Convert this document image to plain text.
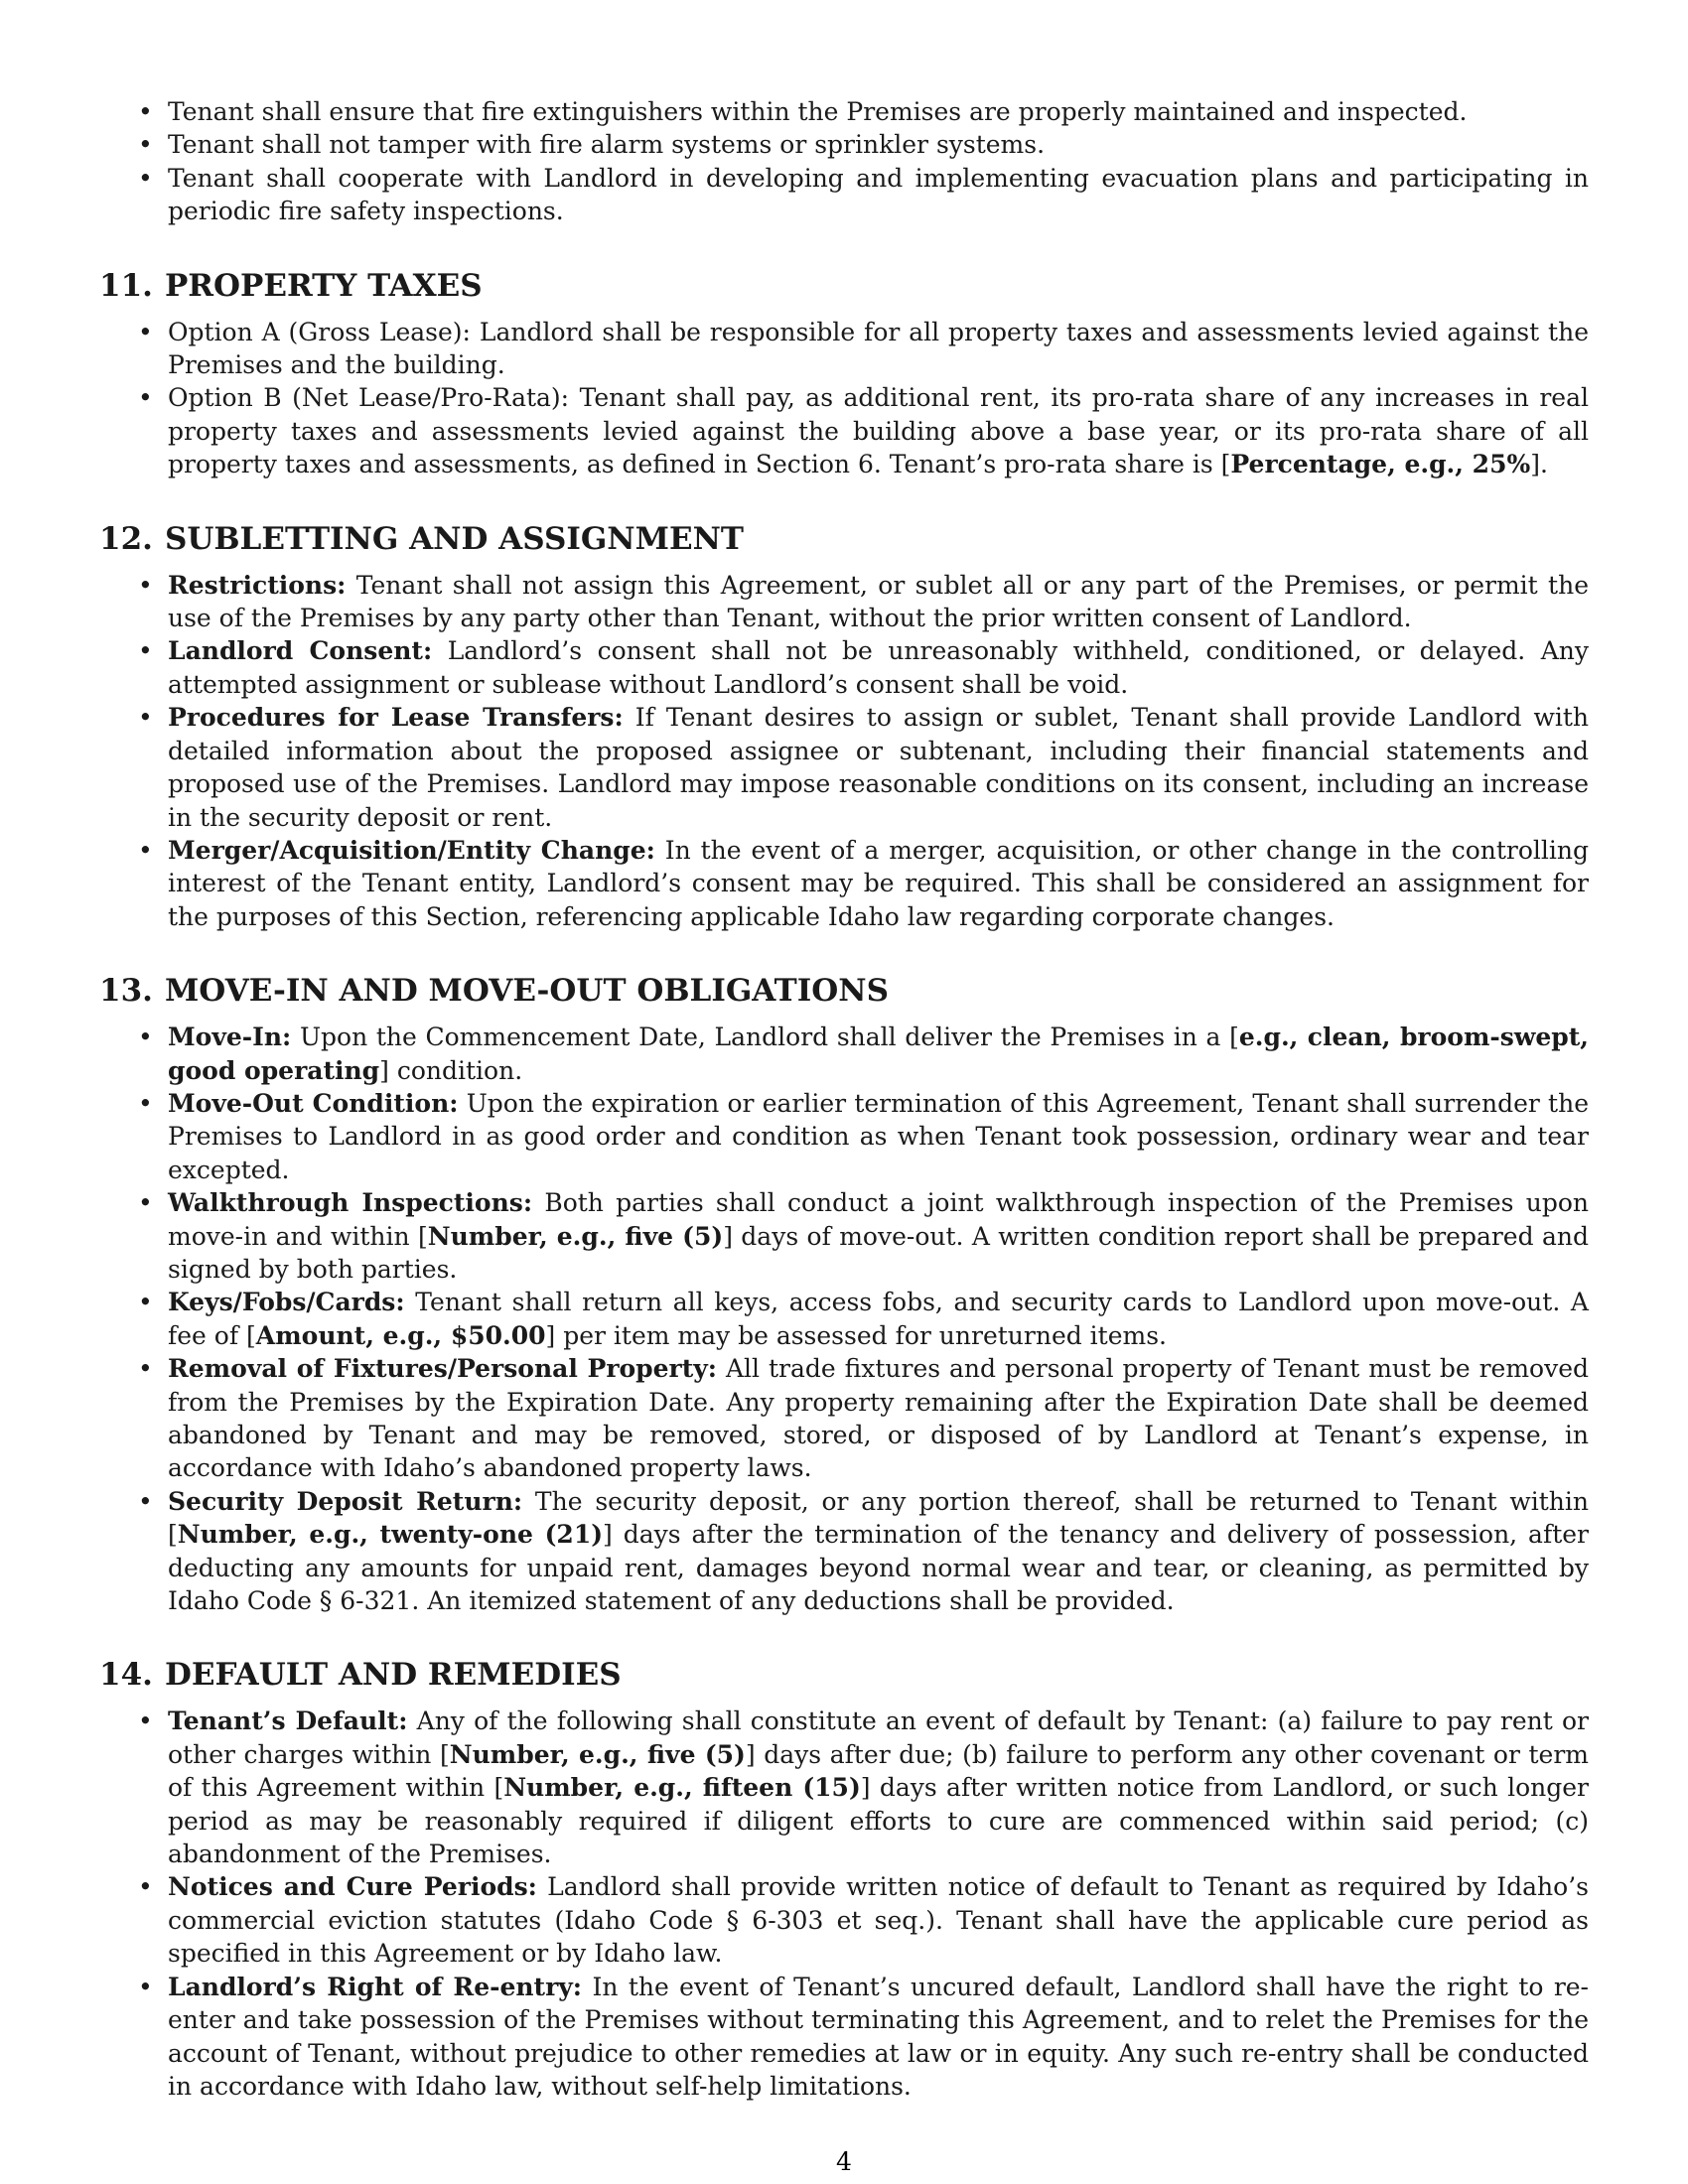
• Tenant shall ensure that fire extinguishers within the Premises are properly maintained and inspected.
• Tenant shall not tamper with fire alarm systems or sprinkler systems.
• Tenant shall cooperate with Landlord in developing and implementing evacuation plans and participating in periodic fire safety inspections.
11. PROPERTY TAXES
• Option A (Gross Lease): Landlord shall be responsible for all property taxes and assessments levied against the Premises and the building.
• Option B (Net Lease/Pro-Rata): Tenant shall pay, as additional rent, its pro-rata share of any increases in real property taxes and assessments levied against the building above a base year, or its pro-rata share of all property taxes and assessments, as defined in Section 6. Tenant’s pro-rata share is [Percentage, e.g., 25%].
12. SUBLETTING AND ASSIGNMENT
• Restrictions: Tenant shall not assign this Agreement, or sublet all or any part of the Premises, or permit the use of the Premises by any party other than Tenant, without the prior written consent of Landlord.
• Landlord Consent: Landlord’s consent shall not be unreasonably withheld, conditioned, or delayed. Any attempted assignment or sublease without Landlord’s consent shall be void.
• Procedures for Lease Transfers: If Tenant desires to assign or sublet, Tenant shall provide Landlord with detailed information about the proposed assignee or subtenant, including their financial statements and proposed use of the Premises. Landlord may impose reasonable conditions on its consent, including an increase in the security deposit or rent.
• Merger/Acquisition/Entity Change: In the event of a merger, acquisition, or other change in the controlling interest of the Tenant entity, Landlord’s consent may be required. This shall be considered an assignment for the purposes of this Section, referencing applicable Idaho law regarding corporate changes.
13. MOVE-IN AND MOVE-OUT OBLIGATIONS
• Move-In: Upon the Commencement Date, Landlord shall deliver the Premises in a [e.g., clean, broom-swept, good operating] condition.
• Move-Out Condition: Upon the expiration or earlier termination of this Agreement, Tenant shall surrender the Premises to Landlord in as good order and condition as when Tenant took possession, ordinary wear and tear excepted.
• Walkthrough Inspections: Both parties shall conduct a joint walkthrough inspection of the Premises upon move-in and within [Number, e.g., five (5)] days of move-out. A written condition report shall be prepared and signed by both parties.
• Keys/Fobs/Cards: Tenant shall return all keys, access fobs, and security cards to Landlord upon move-out. A fee of [Amount, e.g., $50.00] per item may be assessed for unreturned items.
• Removal of Fixtures/Personal Property: All trade fixtures and personal property of Tenant must be removed from the Premises by the Expiration Date. Any property remaining after the Expiration Date shall be deemed abandoned by Tenant and may be removed, stored, or disposed of by Landlord at Tenant’s expense, in accordance with Idaho’s abandoned property laws.
• Security Deposit Return: The security deposit, or any portion thereof, shall be returned to Tenant within [Number, e.g., twenty-one (21)] days after the termination of the tenancy and delivery of possession, after deducting any amounts for unpaid rent, damages beyond normal wear and tear, or cleaning, as permitted by Idaho Code § 6-321. An itemized statement of any deductions shall be provided.
14. DEFAULT AND REMEDIES
• Tenant’s Default: Any of the following shall constitute an event of default by Tenant: (a) failure to pay rent or other charges within [Number, e.g., five (5)] days after due; (b) failure to perform any other covenant or term of this Agreement within [Number, e.g., fifteen (15)] days after written notice from Landlord, or such longer period as may be reasonably required if diligent efforts to cure are commenced within said period; (c) abandonment of the Premises.
• Notices and Cure Periods: Landlord shall provide written notice of default to Tenant as required by Idaho’s commercial eviction statutes (Idaho Code § 6-303 et seq.). Tenant shall have the applicable cure period as specified in this Agreement or by Idaho law.
• Landlord’s Right of Re-entry: In the event of Tenant’s uncured default, Landlord shall have the right to re-enter and take possession of the Premises without terminating this Agreement, and to relet the Premises for the account of Tenant, without prejudice to other remedies at law or in equity. Any such re-entry shall be conducted in accordance with Idaho law, without self-help limitations.
4
